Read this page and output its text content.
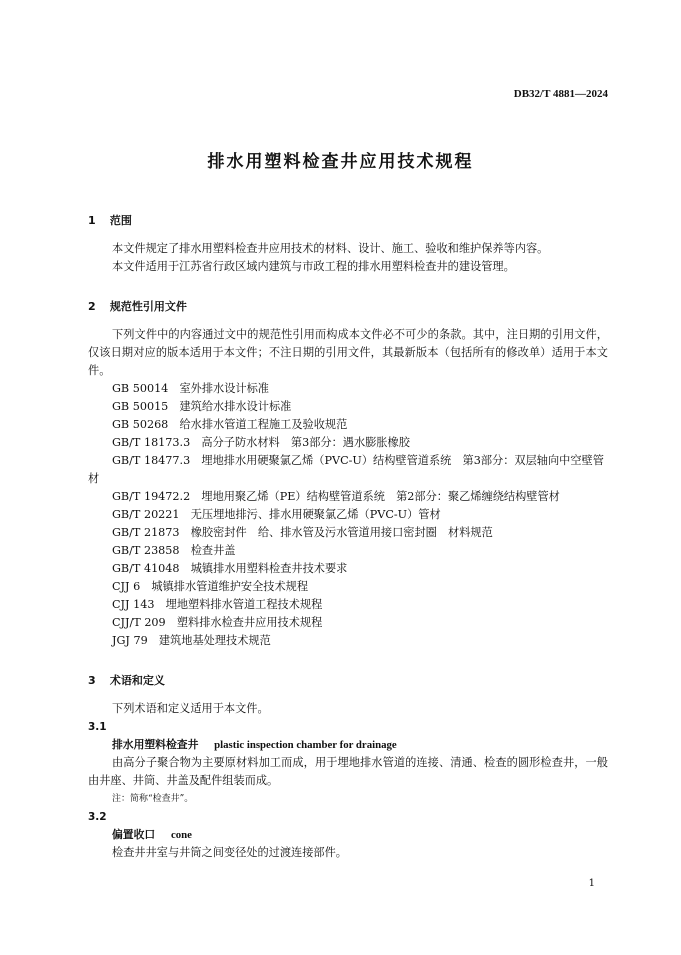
DB32/T 4881—2024
排水用塑料检查井应用技术规程
1 范围
本文件规定了排水用塑料检查井应用技术的材料、设计、施工、验收和维护保养等内容。
本文件适用于江苏省行政区域内建筑与市政工程的排水用塑料检查井的建设管理。
2 规范性引用文件
下列文件中的内容通过文中的规范性引用而构成本文件必不可少的条款。其中，注日期的引用文件，仅该日期对应的版本适用于本文件；不注日期的引用文件，其最新版本（包括所有的修改单）适用于本文件。
GB 50014　室外排水设计标准
GB 50015　建筑给水排水设计标准
GB 50268　给水排水管道工程施工及验收规范
GB/T 18173.3　高分子防水材料　第3部分：遇水膨胀橡胶
GB/T 18477.3　埋地排水用硬聚氯乙烯（PVC-U）结构壁管道系统　第3部分：双层轴向中空壁管材
GB/T 19472.2　埋地用聚乙烯（PE）结构壁管道系统　第2部分：聚乙烯缠绕结构壁管材
GB/T 20221　无压埋地排污、排水用硬聚氯乙烯（PVC-U）管材
GB/T 21873　橡胶密封件　给、排水管及污水管道用接口密封圈　材料规范
GB/T 23858　检查井盖
GB/T 41048　城镇排水用塑料检查井技术要求
CJJ 6　城镇排水管道维护安全技术规程
CJJ 143　埋地塑料排水管道工程技术规程
CJJ/T 209　塑料排水检查井应用技术规程
JGJ 79　建筑地基处理技术规范
3 术语和定义
下列术语和定义适用于本文件。
3.1
排水用塑料检查井 plastic inspection chamber for drainage
由高分子聚合物为主要原材料加工而成，用于埋地排水管道的连接、清通、检查的圆形检查井，一般由井座、井筒、井盖及配件组装而成。
注：简称“检查井”。
3.2
偏置收口 cone
检查井井室与井筒之间变径处的过渡连接部件。
1
